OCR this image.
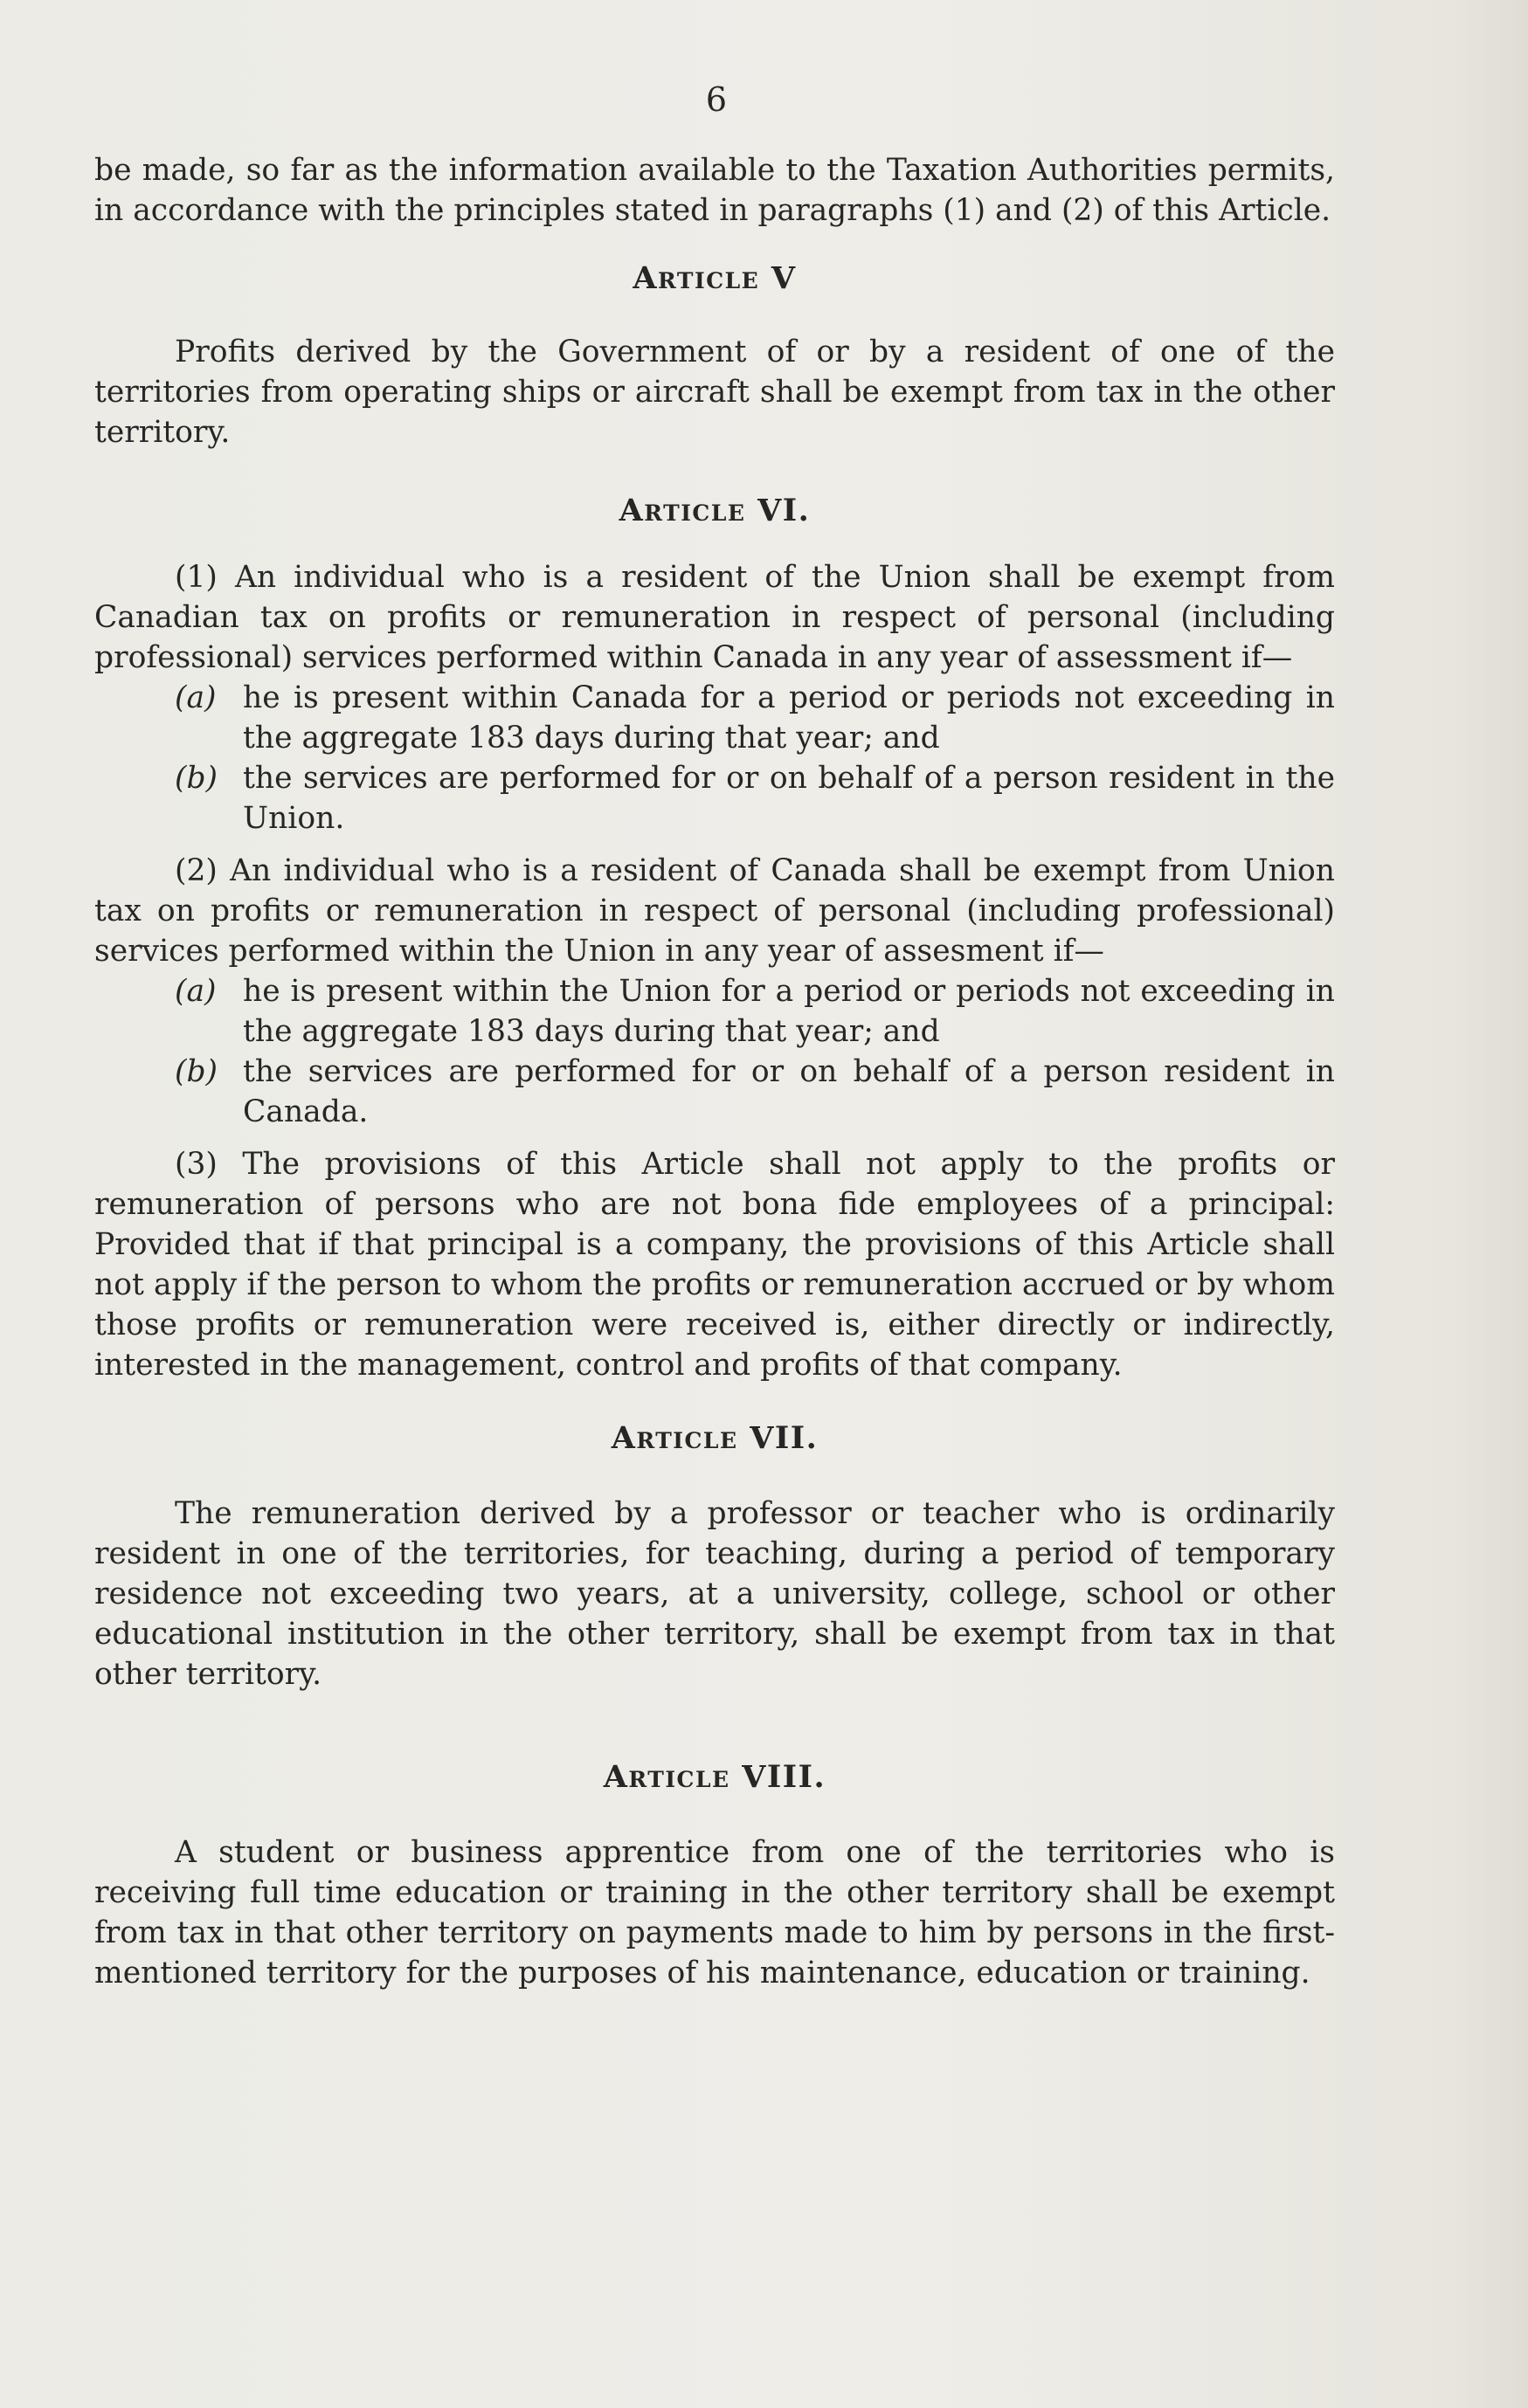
6

be made, so far as the information available to the Taxation Authorities permits, in accordance with the principles stated in paragraphs (1) and (2) of this Article.

Article V

Profits derived by the Government of or by a resident of one of the territories from operating ships or aircraft shall be exempt from tax in the other territory.

Article VI.

(1) An individual who is a resident of the Union shall be exempt from Canadian tax on profits or remuneration in respect of personal (including professional) services performed within Canada in any year of assessment if—

(a) he is present within Canada for a period or periods not exceeding in the aggregate 183 days during that year; and
(b) the services are performed for or on behalf of a person resident in the Union.

(2) An individual who is a resident of Canada shall be exempt from Union tax on profits or remuneration in respect of personal (including professional) services performed within the Union in any year of assesment if—

(a) he is present within the Union for a period or periods not exceeding in the aggregate 183 days during that year; and
(b) the services are performed for or on behalf of a person resident in Canada.

(3) The provisions of this Article shall not apply to the profits or remuneration of persons who are not bona fide employees of a principal: Provided that if that principal is a company, the provisions of this Article shall not apply if the person to whom the profits or remuneration accrued or by whom those profits or remuneration were received is, either directly or indirectly, interested in the management, control and profits of that company.

Article VII.

The remuneration derived by a professor or teacher who is ordinarily resident in one of the territories, for teaching, during a period of temporary residence not exceeding two years, at a university, college, school or other educational institution in the other territory, shall be exempt from tax in that other territory.

Article VIII.

A student or business apprentice from one of the territories who is receiving full time education or training in the other territory shall be exempt from tax in that other territory on payments made to him by persons in the first-mentioned territory for the purposes of his maintenance, education or training.
